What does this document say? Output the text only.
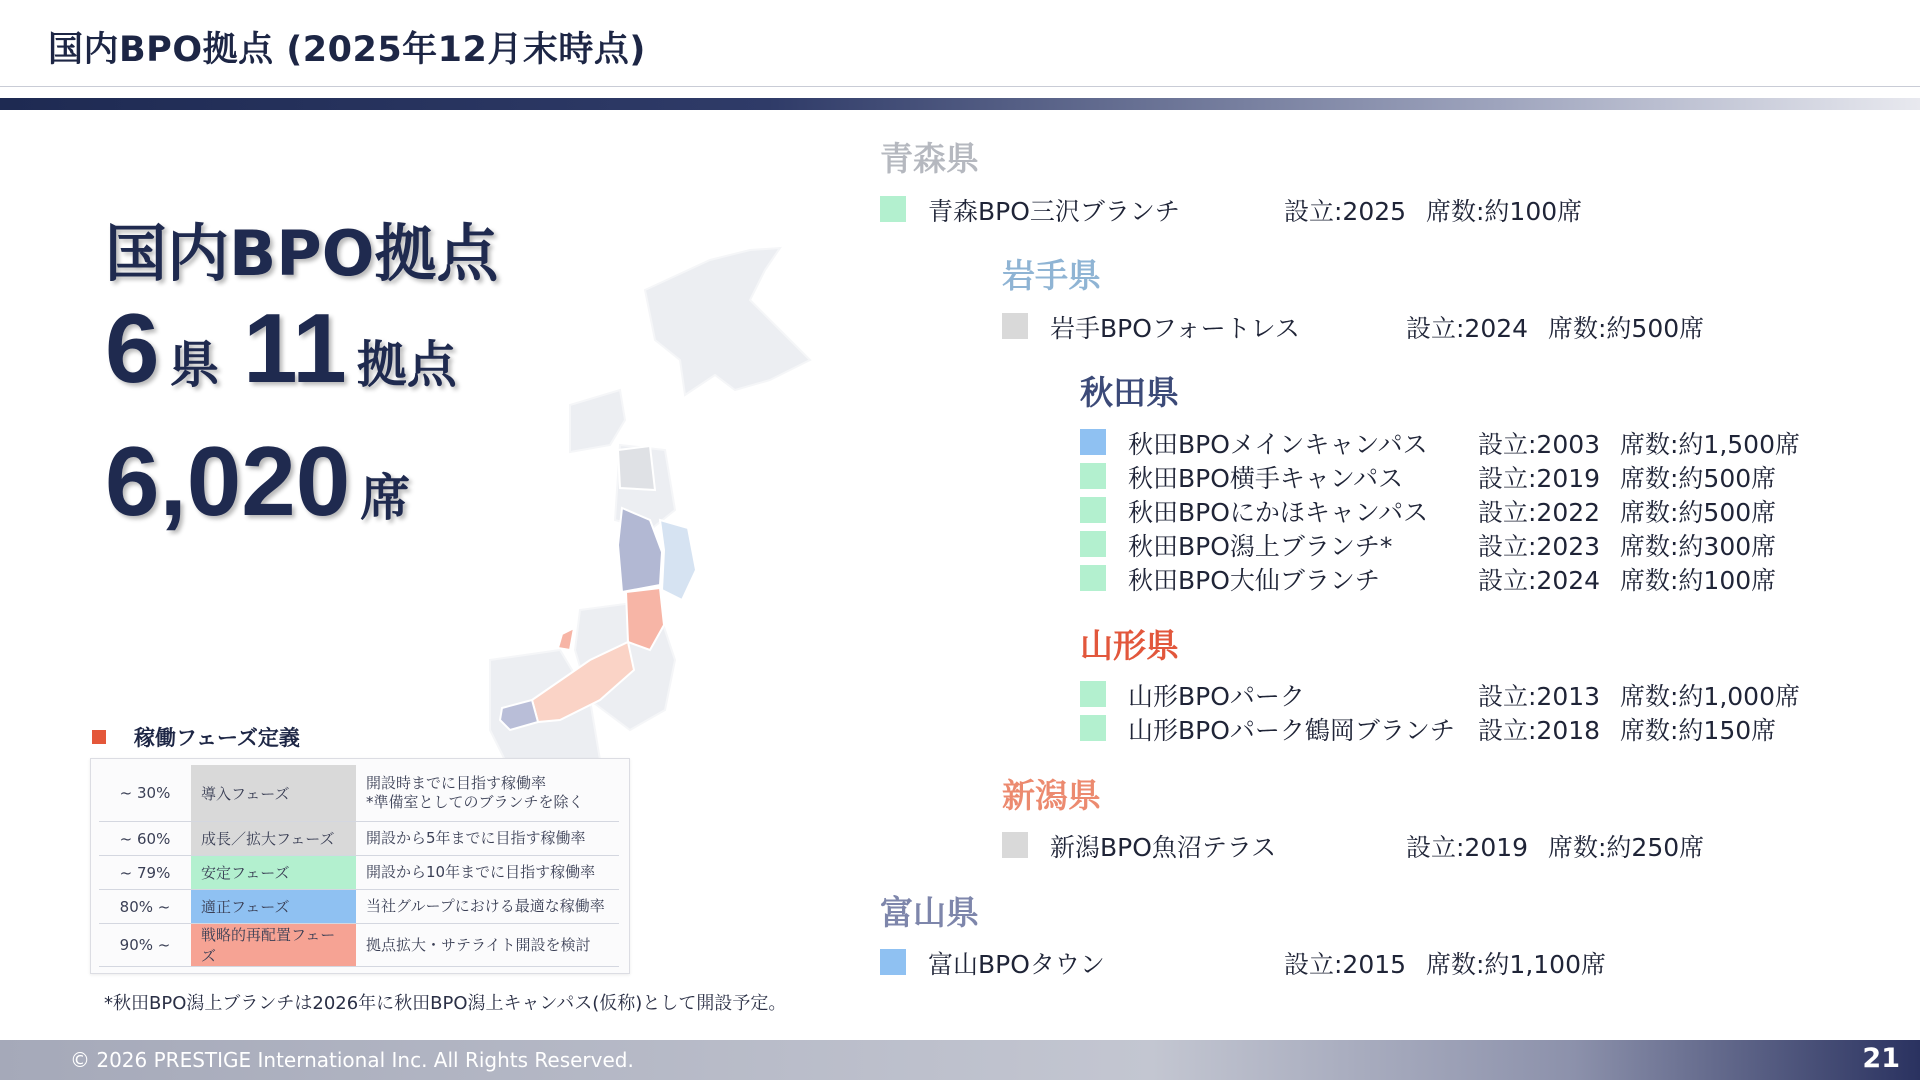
国内BPO拠点 (2025年12月末時点)
国内BPO拠点
6 県 11 拠点
6,020 席
青森県
青森BPO三沢ブランチ	設立:2025 席数:約100席
岩手県
岩手BPOフォートレス	設立:2024 席数:約500席
秋田県
秋田BPOメインキャンパス 設立:2003 席数:約1,500席
秋田BPO横手キャンパス	設立:2019 席数:約500席
秋田BPOにかほキャンパス 設立:2022 席数:約500席
秋田BPO潟上ブランチ*	設立:2023 席数:約300席
秋田BPO大仙ブランチ	設立:2024 席数:約100席
山形県
山形BPOパーク	設立:2013 席数:約1,000席
山形BPOパーク鶴岡ブランチ 設立:2018 席数:約150席
新潟県
新潟BPO魚沼テラス	設立:2019 席数:約250席
富山県
富山BPOタウン	設立:2015 席数:約1,100席
稼働フェーズ定義
~ 30%	導入フェーズ	開設時までに目指す稼働率
*準備室としてのブランチを除く

~ 60%	成長／拡大フェーズ	開設から5年までに目指す稼働率
~ 79%	安定フェーズ	開設から10年までに目指す稼働率
80% ~	適正フェーズ	当社グループにおける最適な稼働率
90% ~	戦略的再配置フェーズ	拠点拡大・サテライト開設を検討
*秋田BPO潟上ブランチは2026年に秋田BPO潟上キャンパス(仮称)として開設予定。
© 2026 PRESTIGE International Inc. All Rights Reserved.	21
